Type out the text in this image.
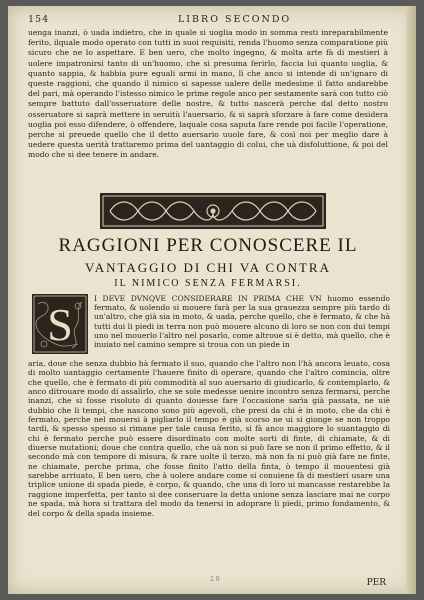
154	LIBRO SECONDO

uenga inanzi, ò uada indietro, che in quale si uoglia modo in somma resti inreparabilmente ferito, ilquale modo operato con tutti in suoi requisiti, renda l'huomo senza comparatione più sicuro che ne lo aspettare. E ben uero, che molto ingegno, & molta arte fà di mestieri à uolere impatronirsi tanto di un'huomo, che si presuma ferirlo, faccia lui quanto uoglia, & quanto sappia, & habbia pure eguali armi in mano, lì che anco si intende di un'ignaro di queste raggioni, che quando il nimico si sapesse ualere delle medesime il fatto andarebbe del pari, mà operando l'istesso nimico le prime regole anco per sestamente sarà con tutto ciò sempre battuto dall'osseruatore delle nostre, & tutto nascerà perche dal detto nostro osseruatore si saprà mettere in seruitù l'auersario, & si saprà sforzare à fare come desidera uoglia poi esso difendere, ò offendere, laquale cosa saputa fare rende poi facile l'operatione, perche si preuede quello che il detto auersario uuole fare, & così noi per meglio dare à uedere questa uerità trattaremo prima del uantaggio di colui, che uà disfoluttione, & poi del modo che si dee tenere in andare.

RAGGIONI PER CONOSCERE IL
VANTAGGIO DI CHI VA CONTRA
IL NIMICO SENZA FERMARSI.
S
I DEVE DVNQVE CONSIDERARE IN PRIMA CHE VN huomo essendo fermato, & uolendo si mouere farà per la sua grauezza sempre più tardo di un'altro, che già sia in moto, & uada, perche quello, che è fermato, & che hà tutti dui li piedi in terra non può mouere alcuno di loro se non con dui tempi uno nel mouerlo l'altro nel posarlo, come altroue si è detto, mà quello, che è inuiato nel camino sempre si troua con un piede in
aria, doue che senza dubbio hà fermato il suo, quando che l'altro non l'hà ancora leuato, cosa di molto uantaggio certamente l'hauere finito di operare, quando che l'altro comincia, oltre che quello, che è fermato di più commodità al suo auersario di giudicarlo, & contemplarlo, & anco ditrouare modo di assalirlo, che se sole medesse uenire incontro senza fermarsi, perche inanzi, che si fosse risoluto di quanto douesse fare l'occasione sarìa già passata, ne uiè dubbio che li tempi, che nascono sono più agevoli, che presi da chi è in moto, che da chi è fermato, perche nel mouersi à pigliarlo il tempo è già scorso ne ui si gionge se non troppo tardi, & spesso spesso si rimane per tale causa ferito, si fà anco maggiore lo suantaggio di chi è fermato perche può essere disordinato con molte sorti di finte, di chiamate, & di diuerse mutationi; doue che contra quello, che uà non si può fare se non il primo effetto, & il secondo mà con tempore di misura, & rare uolte il terzo, mà non fa ni può già fare ne finte, ne chiamate, perche prima, che fosse finito l'atto della finta, ò tempo il mouentesi già sarebbe arriuato, E ben uero, che à uolere andare come si conuiene fà di mestieri usare una triplice unione di spada piede, è corpo, & quando, che una di loro ui mancasse restarebbe la raggione imperfetta, per tanto si dee conseruare la detta unione senza lasciare mai ne corpo ne spada, mà hora si trattara del modo da tenersi in adoprare li piedi, primo fondamento, & del corpo & della spada insieme.
2 0	PER
